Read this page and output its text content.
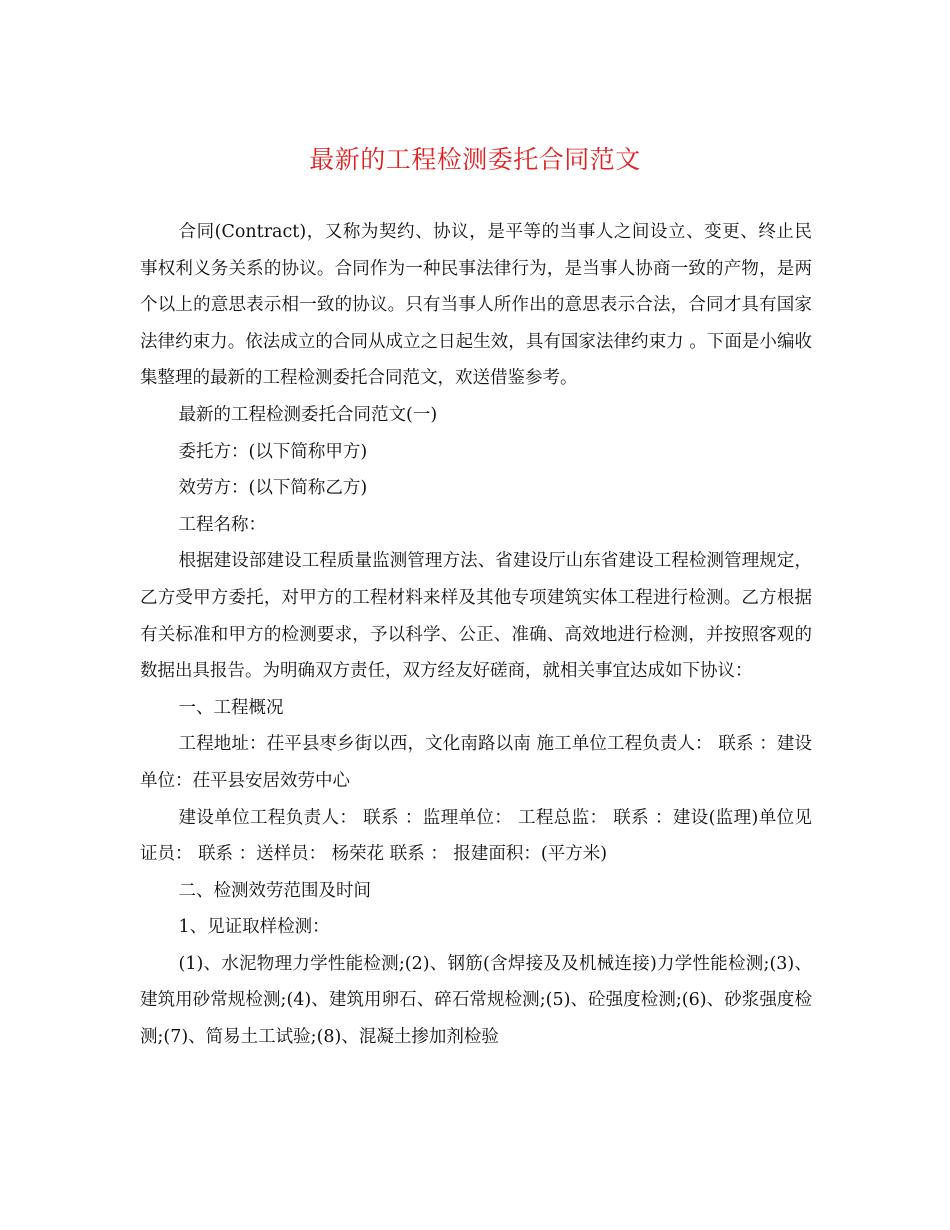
最新的工程检测委托合同范文

合同(Contract)，又称为契约、协议，是平等的当事人之间设立、变更、终止民事权利义务关系的协议。合同作为一种民事法律行为，是当事人协商一致的产物，是两个以上的意思表示相一致的协议。只有当事人所作出的意思表示合法，合同才具有国家法律约束力。依法成立的合同从成立之日起生效，具有国家法律约束力 。下面是小编收集整理的最新的工程检测委托合同范文，欢送借鉴参考。

最新的工程检测委托合同范文(一)

委托方：(以下简称甲方)

效劳方：(以下简称乙方)

工程名称：

根据建设部建设工程质量监测管理方法、省建设厅山东省建设工程检测管理规定，乙方受甲方委托，对甲方的工程材料来样及其他专项建筑实体工程进行检测。乙方根据有关标准和甲方的检测要求，予以科学、公正、准确、高效地进行检测，并按照客观的数据出具报告。为明确双方责任，双方经友好磋商，就相关事宜达成如下协议：

一、工程概况

工程地址：茌平县枣乡街以西，文化南路以南 施工单位工程负责人： 联系 ：建设单位：茌平县安居效劳中心

建设单位工程负责人： 联系 ：监理单位： 工程总监： 联系 ：建设(监理)单位见证员： 联系 ：送样员： 杨荣花 联系 ： 报建面积：(平方米)

二、检测效劳范围及时间

1、见证取样检测：

(1)、水泥物理力学性能检测;(2)、钢筋(含焊接及及机械连接)力学性能检测;(3)、建筑用砂常规检测;(4)、建筑用卵石、碎石常规检测;(5)、砼强度检测;(6)、砂浆强度检测;(7)、简易土工试验;(8)、混凝土掺加剂检验
